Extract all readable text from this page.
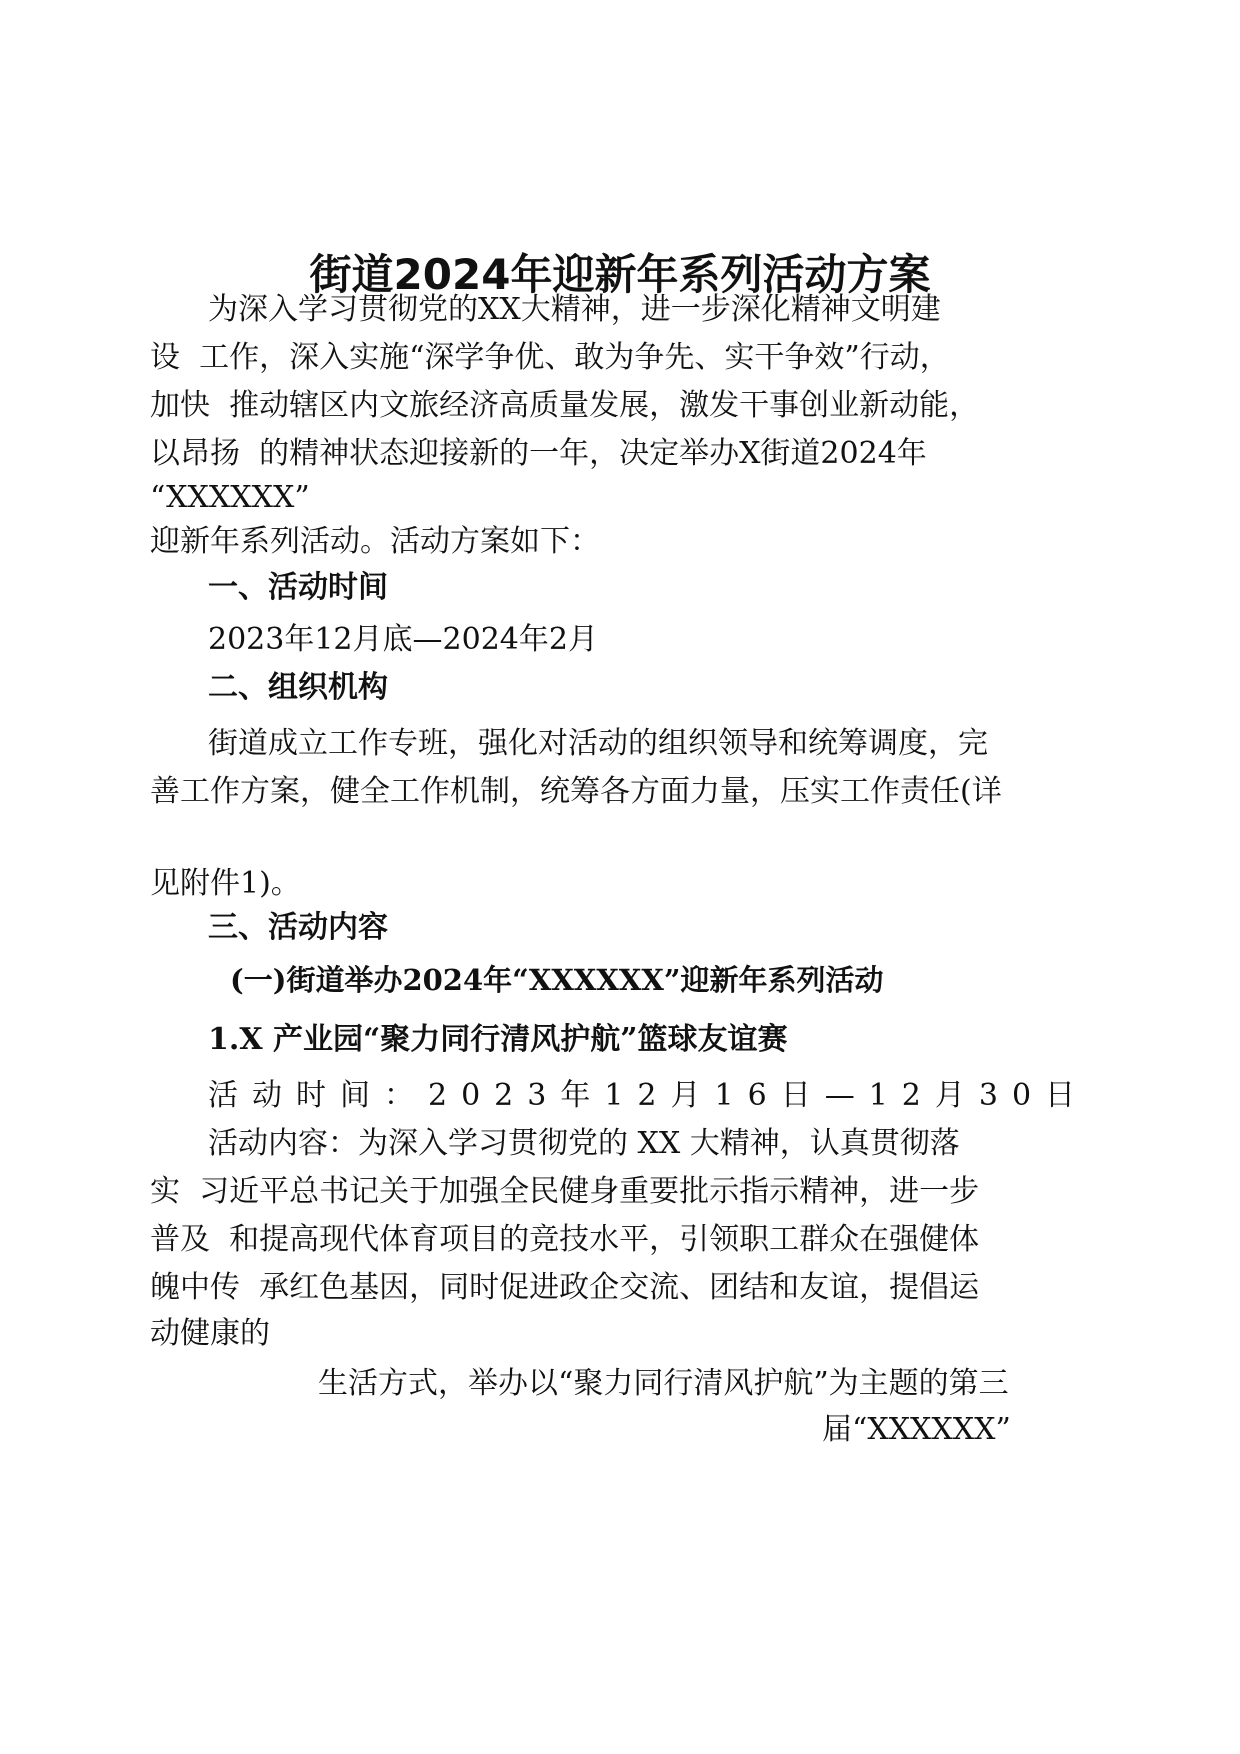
街道2024年迎新年系列活动方案
为深入学习贯彻党的XX大精神，进一步深化精神文明建
设  工作，深入实施“深学争优、敢为争先、实干争效”行动，
加快  推动辖区内文旅经济高质量发展，激发干事创业新动能，
以昂扬  的精神状态迎接新的一年，决定举办X街道2024年
“XXXXXX”
迎新年系列活动。活动方案如下：
一、活动时间
2023年12月底—2024年2月
二、组织机构
街道成立工作专班，强化对活动的组织领导和统筹调度，完
善工作方案，健全工作机制，统筹各方面力量，压实工作责任(详
见附件1)。
三、活动内容
(一)街道举办2024年“XXXXXX”迎新年系列活动
1.X 产业园“聚力同行清风护航”篮球友谊赛
活动时间：2023年12月16日—12月30日
活动内容：为深入学习贯彻党的 XX 大精神，认真贯彻落
实  习近平总书记关于加强全民健身重要批示指示精神，进一步
普及  和提高现代体育项目的竞技水平，引领职工群众在强健体
魄中传  承红色基因，同时促进政企交流、团结和友谊，提倡运
动健康的
生活方式，举办以“聚力同行清风护航”为主题的第三
届“XXXXXX”
